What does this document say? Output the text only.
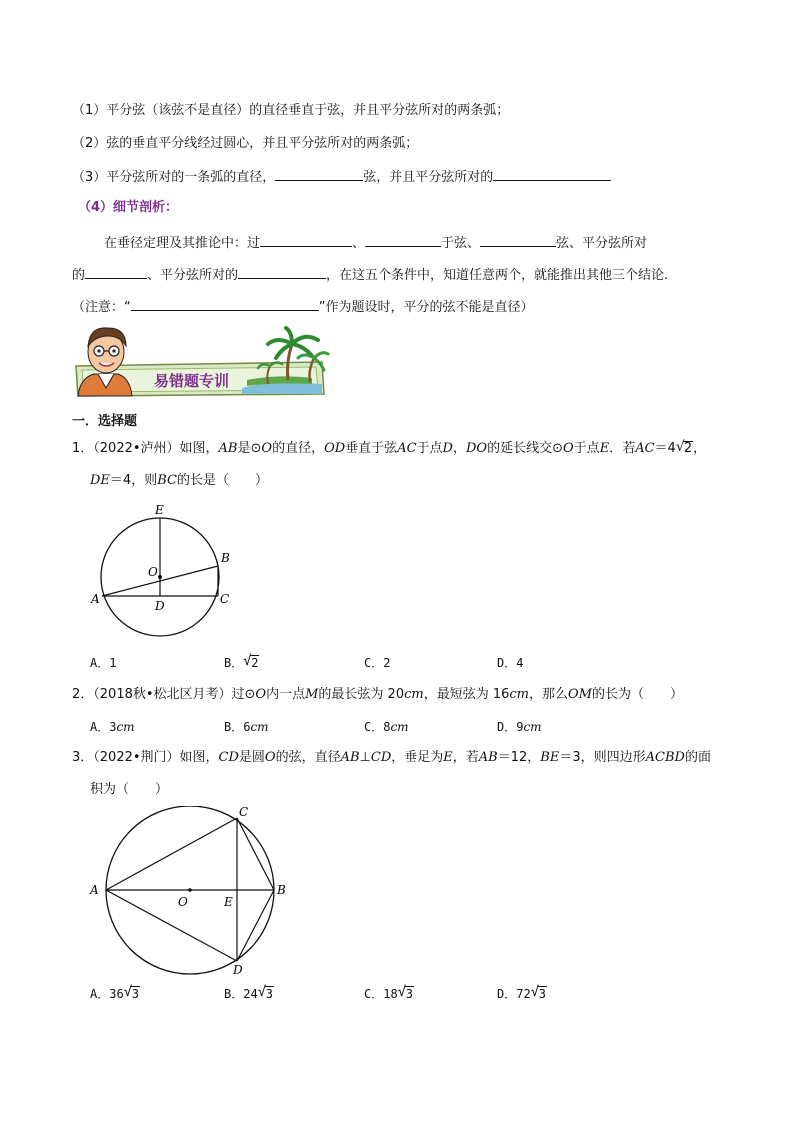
（1）平分弦（该弦不是直径）的直径垂直于弦，并且平分弦所对的两条弧；
（2）弦的垂直平分线经过圆心，并且平分弦所对的两条弧；
（3）平分弦所对的一条弧的直径，	弦，并且平分弦所对的
（4）细节剖析：
在垂径定理及其推论中：过	、	于弦、	弦、平分弦所对
的	、平分弦所对的	，在这五个条件中，知道任意两个，就能推出其他三个结论.
（注意：“	”作为题设时，平分的弦不能是直径）
易错题专训
一．选择题
1．（2022•泸州）如图，AB是⊙O的直径，OD垂直于弦AC于点D，DO的延长线交⊙O于点E．若AC＝4 √ 2，
DE＝4，则BC的长是（　　）
E
O
B
A	D	C
A．1	B． √ 2	C．2	D．4
2．（2018秋•松北区月考）过⊙O内一点M的最长弦为 20cm，最短弦为 16cm，那么OM的长为（　　）
A．3cm	B．6cm	C．8cm	D．9cm
3．（2022•荆门）如图，CD是圆O的弦，直径AB⊥CD，垂足为E，若AB＝12，BE＝3，则四边形ACBD的面
积为（　　）
C
A
O	E
B
D
A．36 √ 3	B．24 √ 3	C．18 √ 3	D．72 √ 3
